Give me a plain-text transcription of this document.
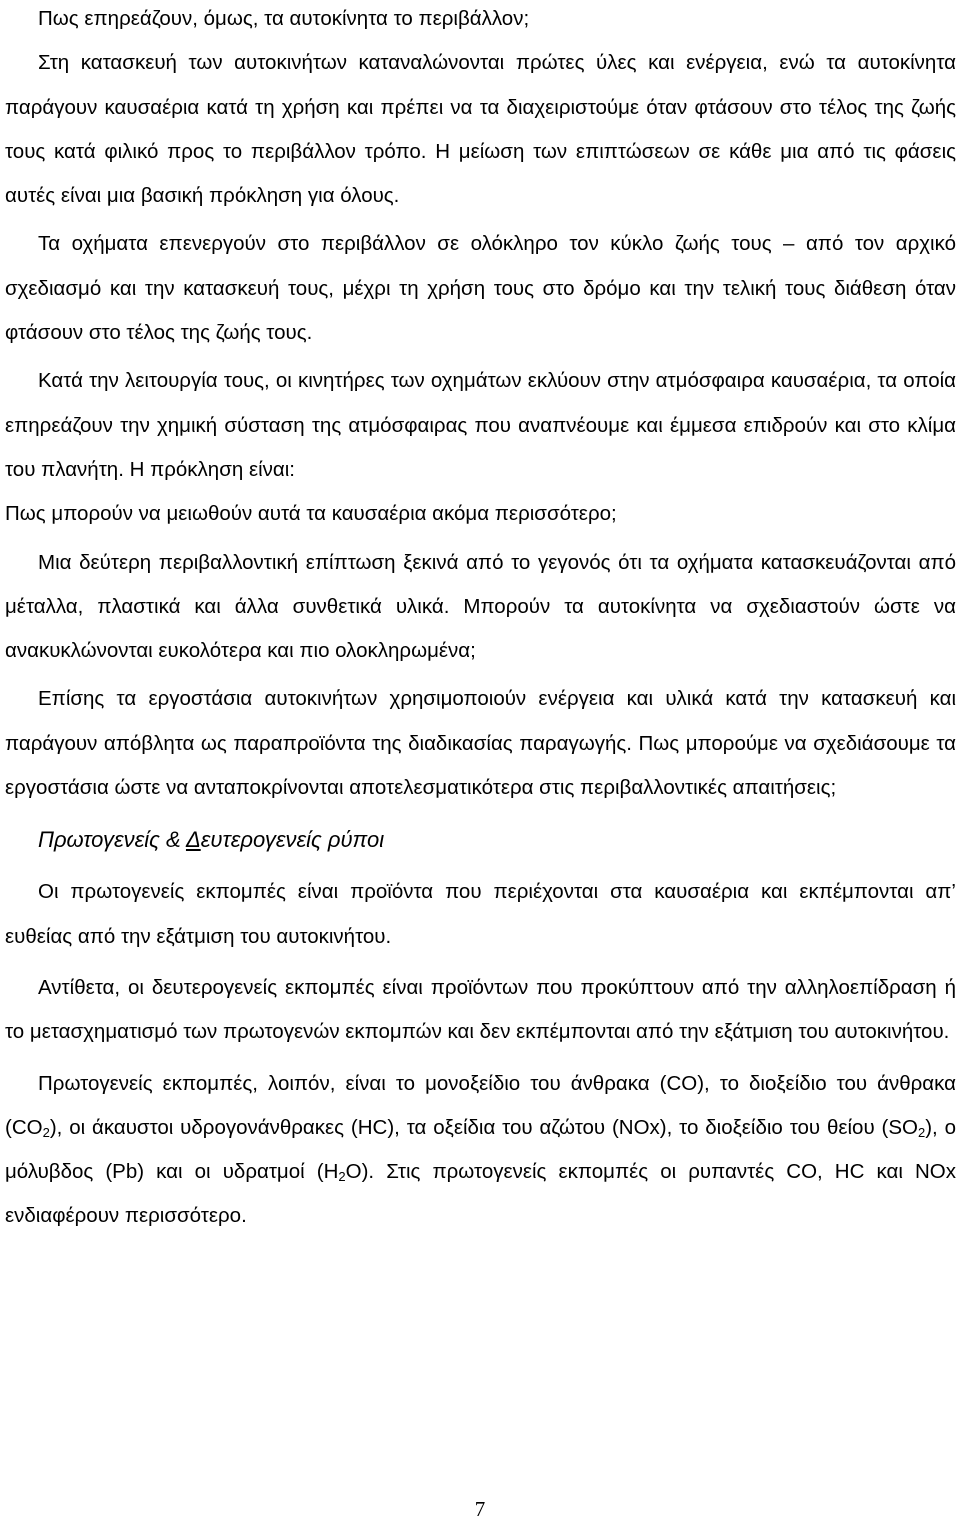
Πως επηρεάζουν, όμως, τα αυτοκίνητα το περιβάλλον;

Στη κατασκευή των αυτοκινήτων καταναλώνονται πρώτες ύλες και ενέργεια, ενώ τα αυτοκίνητα παράγουν καυσαέρια κατά τη χρήση και πρέπει να τα διαχειριστούμε όταν φτάσουν στο τέλος της ζωής τους κατά φιλικό προς το περιβάλλον τρόπο. Η μείωση των επιπτώσεων σε κάθε μια από τις φάσεις αυτές είναι μια βασική πρόκληση για όλους.

Τα οχήματα επενεργούν στο περιβάλλον σε ολόκληρο τον κύκλο ζωής τους – από τον αρχικό σχεδιασμό και την κατασκευή τους, μέχρι τη χρήση τους στο δρόμο και την τελική τους διάθεση όταν φτάσουν στο τέλος της ζωής τους.

Κατά την λειτουργία τους, οι κινητήρες των οχημάτων εκλύουν στην ατμόσφαιρα καυσαέρια, τα οποία επηρεάζουν την χημική σύσταση της ατμόσφαιρας που αναπνέουμε και έμμεσα επιδρούν και στο κλίμα του πλανήτη. Η πρόκληση είναι:

Πως μπορούν να μειωθούν αυτά τα καυσαέρια ακόμα περισσότερο;

Μια δεύτερη περιβαλλοντική επίπτωση ξεκινά από το γεγονός ότι τα οχήματα κατασκευάζονται από μέταλλα, πλαστικά και άλλα συνθετικά υλικά. Μπορούν τα αυτοκίνητα να σχεδιαστούν ώστε να ανακυκλώνονται ευκολότερα και πιο ολοκληρωμένα;

Επίσης τα εργοστάσια αυτοκινήτων χρησιμοποιούν ενέργεια και υλικά κατά την κατασκευή και παράγουν απόβλητα ως παραπροϊόντα της διαδικασίας παραγωγής. Πως μπορούμε να σχεδιάσουμε τα εργοστάσια ώστε να ανταποκρίνονται αποτελεσματικότερα στις περιβαλλοντικές απαιτήσεις;

Πρωτογενείς & Δευτερογενείς ρύποι

Οι πρωτογενείς εκπομπές είναι προϊόντα που περιέχονται στα καυσαέρια και εκπέμπονται απ’ ευθείας από την εξάτμιση του αυτοκινήτου.

Αντίθετα, οι δευτερογενείς εκπομπές είναι προϊόντων που προκύπτουν από την αλληλοεπίδραση ή το μετασχηματισμό των πρωτογενών εκπομπών και δεν εκπέμπονται από την εξάτμιση του αυτοκινήτου.

Πρωτογενείς εκπομπές, λοιπόν, είναι το μονοξείδιο του άνθρακα (CO), το διοξείδιο του άνθρακα $(CO_2)$, οι άκαυστοι υδρογονάνθρακες (HC), τα οξείδια του αζώτου (NOx), το διοξείδιο του θείου $(SO_2)$, ο μόλυβδος (Pb) και οι υδρατμοί $(H_2O)$. Στις πρωτογενείς εκπομπές οι ρυπαντές CO, HC και NOx ενδιαφέρουν περισσότερο.

7
